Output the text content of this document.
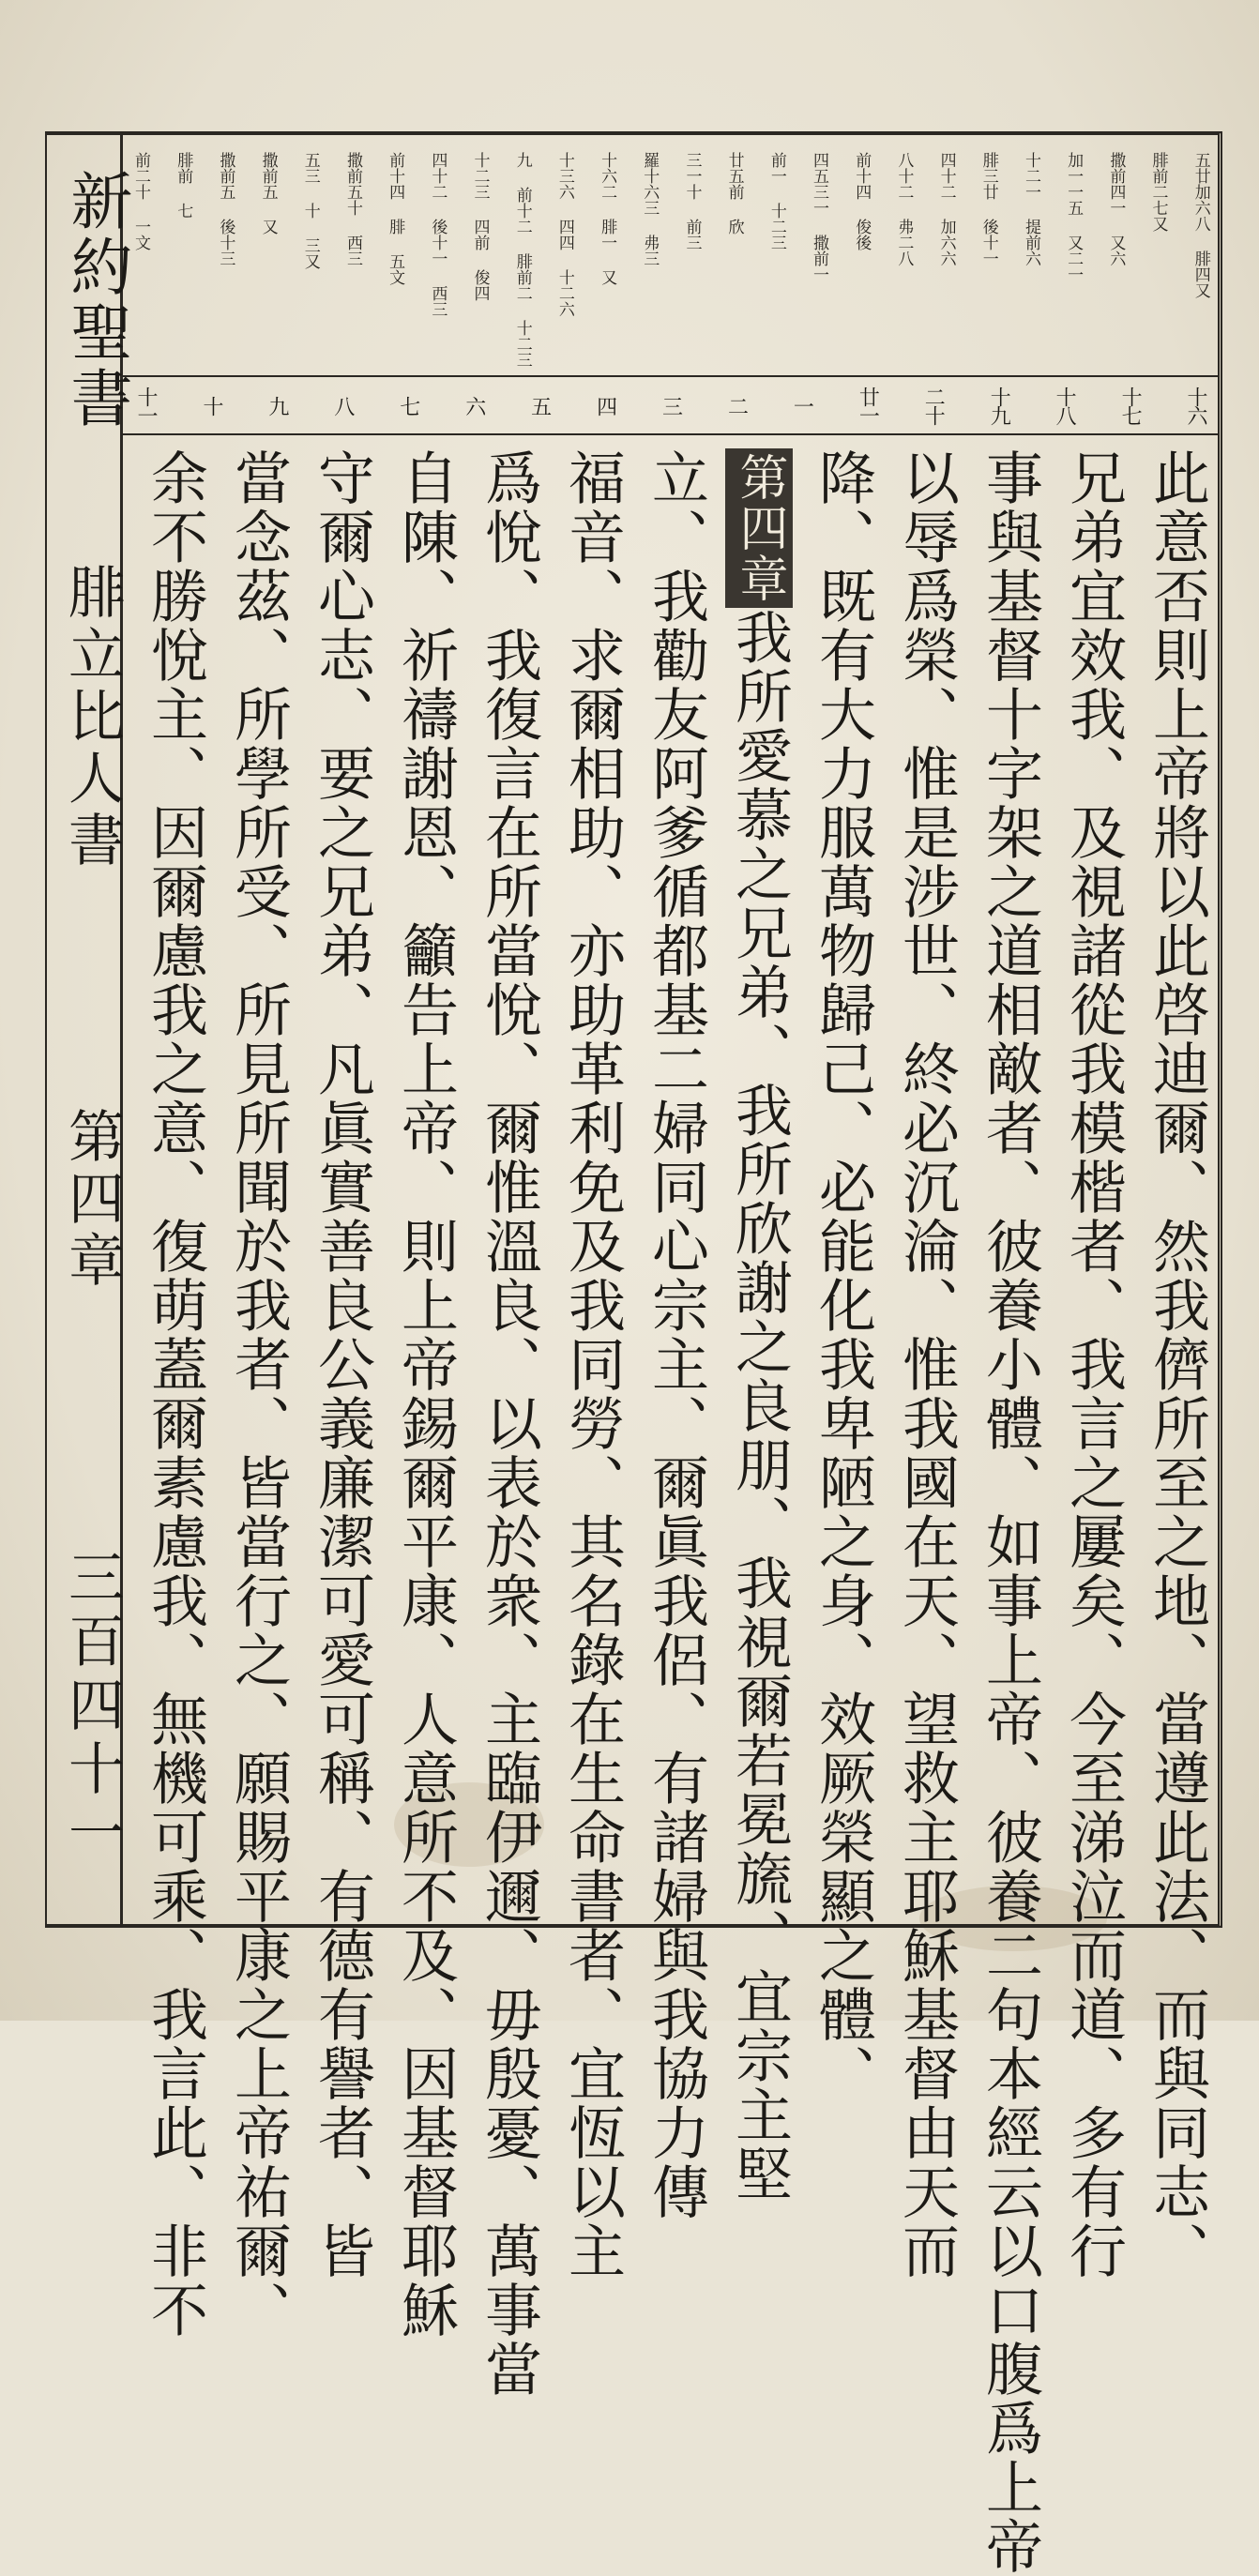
新約聖書
腓立比人書
第四章
三百四十一
五廿加六八 腓四又
腓前二七又
撒前四一 又六
加一一五 又二一
十二一 提前六
腓三廿 後十一
四十二 加六六
八十二 弗二八
前十四 俊後
四五三一 撒前一
前一 十二三
廿五前 欣
三一十 前三
羅十六三 弗三
十六二 腓一 又
十三六 四四 十二六
九 前十二 腓前二 十二三
十二三 四前 俊四
四十二 後十一 西三
前十四 腓 五文
撒前五十 西三
五三 十 三又
撒前五 又
撒前五 後十三
腓前 七
前二十 一文
十六
十七
十八
十九
二十
廿一
一
二
三
四
五
六
七
八
九
十
十一
此意否則上帝將以此啓迪爾、然我儕所至之地、當遵此法、而與同志、
兄弟宜效我、及視諸從我模楷者、我言之屢矣、今至涕泣而道、多有行
事與基督十字架之道相敵者、彼養小體、如事上帝、彼養二句本經云以口腹爲上帝
以辱爲榮、惟是涉世、終必沉淪、惟我國在天、望救主耶穌基督由天而
降、既有大力服萬物歸己、必能化我卑陋之身、效厥榮顯之體、
第四章我所愛慕之兄弟、我所欣謝之良朋、我視爾若冕旒、宜宗主堅
立、我勸友阿爹循都基二婦同心宗主、爾眞我侶、有諸婦與我協力傳
福音、求爾相助、亦助革利免及我同勞、其名錄在生命書者、宜恆以主
爲悅、我復言在所當悅、爾惟溫良、以表於衆、主臨伊邇、毋殷憂、萬事當
自陳、祈禱謝恩、籲告上帝、則上帝錫爾平康、人意所不及、因基督耶穌
守爾心志、要之兄弟、凡眞實善良公義廉潔可愛可稱、有德有譽者、皆
當念茲、所學所受、所見所聞於我者、皆當行之、願賜平康之上帝祐爾、
余不勝悅主、因爾慮我之意、復萌蓋爾素慮我、無機可乘、我言此、非不
